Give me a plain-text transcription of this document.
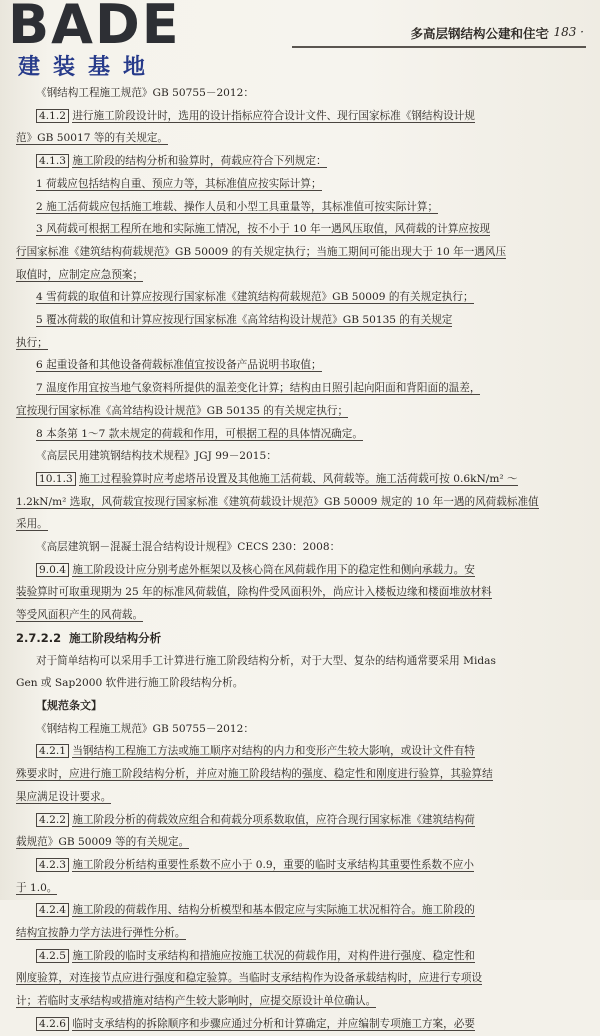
BADE
建装基地
多高层钢结构公建和住宅
· 183 ·
《钢结构工程施工规范》GB 50755－2012：
4.1.2 进行施工阶段设计时，选用的设计指标应符合设计文件、现行国家标准《钢结构设计规
范》GB 50017 等的有关规定。
4.1.3 施工阶段的结构分析和验算时，荷载应符合下列规定：
1 荷载应包括结构自重、预应力等，其标准值应按实际计算；
2 施工活荷载应包括施工堆载、操作人员和小型工具重量等，其标准值可按实际计算；
3 风荷载可根据工程所在地和实际施工情况，按不小于 10 年一遇风压取值，风荷载的计算应按现
行国家标准《建筑结构荷载规范》GB 50009 的有关规定执行；当施工期间可能出现大于 10 年一遇风压
取值时，应制定应急预案；
4 雪荷载的取值和计算应按现行国家标准《建筑结构荷载规范》GB 50009 的有关规定执行；
5 覆冰荷载的取值和计算应按现行国家标准《高耸结构设计规范》GB 50135 的有关规定
执行；
6 起重设备和其他设备荷载标准值宜按设备产品说明书取值；
7 温度作用宜按当地气象资料所提供的温差变化计算；结构由日照引起向阳面和背阳面的温差，
宜按现行国家标准《高耸结构设计规范》GB 50135 的有关规定执行；
8 本条第 1～7 款未规定的荷载和作用，可根据工程的具体情况确定。
《高层民用建筑钢结构技术规程》JGJ 99－2015：
10.1.3 施工过程验算时应考虑塔吊设置及其他施工活荷载、风荷载等。施工活荷载可按 0.6kN/m² ～
1.2kN/m² 选取，风荷载宜按现行国家标准《建筑荷载设计规范》GB 50009 规定的 10 年一遇的风荷载标准值
采用。
《高层建筑钢－混凝土混合结构设计规程》CECS 230：2008：
9.0.4 施工阶段设计应分别考虑外框架以及核心筒在风荷载作用下的稳定性和侧向承载力。安
装验算时可取重现期为 25 年的标准风荷载值，除构件受风面积外，尚应计入楼板边缘和楼面堆放材料
等受风面积产生的风荷载。
2.7.2.2 施工阶段结构分析
对于简单结构可以采用手工计算进行施工阶段结构分析，对于大型、复杂的结构通常要采用 Midas
Gen 或 Sap2000 软件进行施工阶段结构分析。
【规范条文】
《钢结构工程施工规范》GB 50755－2012：
4.2.1 当钢结构工程施工方法或施工顺序对结构的内力和变形产生较大影响，或设计文件有特
殊要求时，应进行施工阶段结构分析，并应对施工阶段结构的强度、稳定性和刚度进行验算，其验算结
果应满足设计要求。
4.2.2 施工阶段分析的荷载效应组合和荷载分项系数取值，应符合现行国家标准《建筑结构荷
载规范》GB 50009 等的有关规定。
4.2.3 施工阶段分析结构重要性系数不应小于 0.9，重要的临时支承结构其重要性系数不应小
于 1.0。
4.2.4 施工阶段的荷载作用、结构分析模型和基本假定应与实际施工状况相符合。施工阶段的
结构宜按静力学方法进行弹性分析。
4.2.5 施工阶段的临时支承结构和措施应按施工状况的荷载作用，对构件进行强度、稳定性和
刚度验算，对连接节点应进行强度和稳定验算。当临时支承结构作为设备承载结构时，应进行专项设
计；若临时支承结构或措施对结构产生较大影响时，应提交原设计单位确认。
4.2.6 临时支承结构的拆除顺序和步骤应通过分析和计算确定，并应编制专项施工方案，必要
